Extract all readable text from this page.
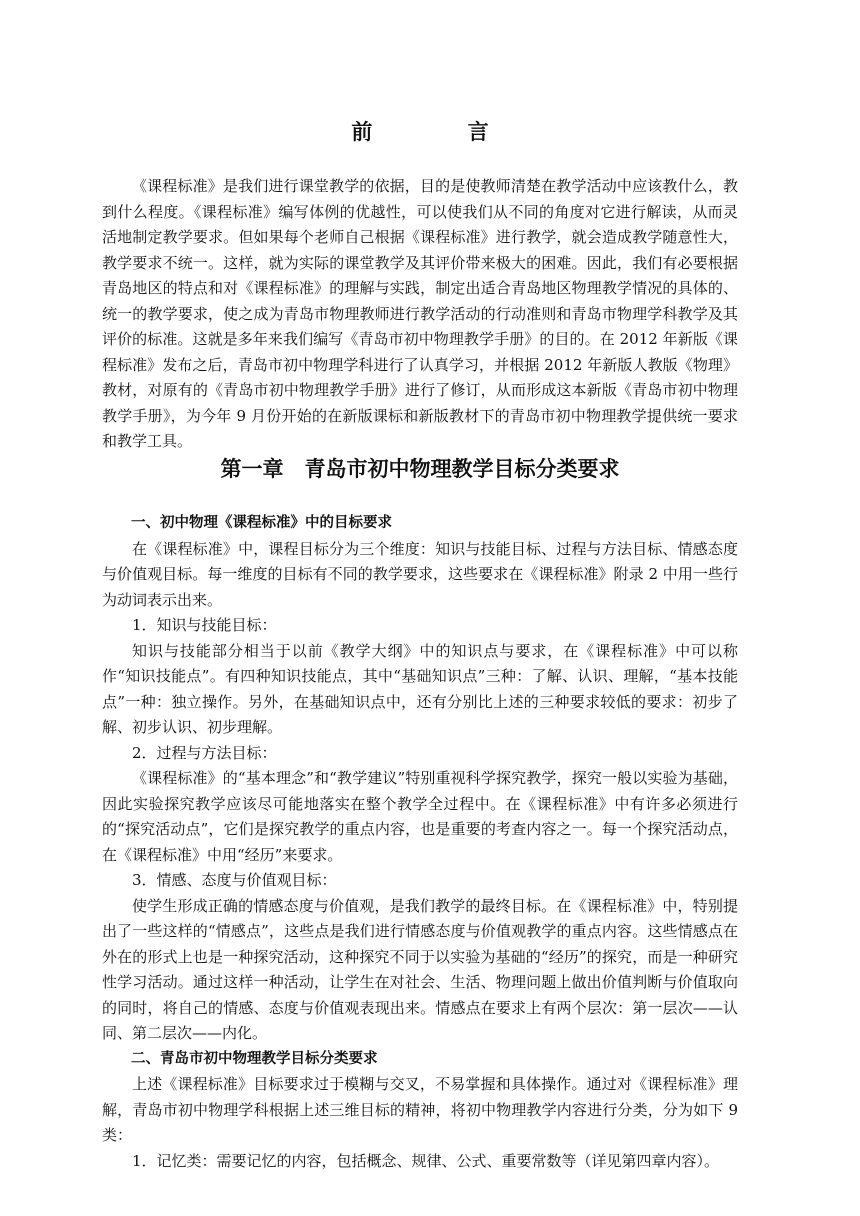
前 言

《课程标准》是我们进行课堂教学的依据，目的是使教师清楚在教学活动中应该教什么，教到什么程度。《课程标准》编写体例的优越性，可以使我们从不同的角度对它进行解读，从而灵活地制定教学要求。但如果每个老师自己根据《课程标准》进行教学，就会造成教学随意性大，教学要求不统一。这样，就为实际的课堂教学及其评价带来极大的困难。因此，我们有必要根据青岛地区的特点和对《课程标准》的理解与实践，制定出适合青岛地区物理教学情况的具体的、统一的教学要求，使之成为青岛市物理教师进行教学活动的行动准则和青岛市物理学科教学及其评价的标准。这就是多年来我们编写《青岛市初中物理教学手册》的目的。在 2012 年新版《课程标准》发布之后，青岛市初中物理学科进行了认真学习，并根据 2012 年新版人教版《物理》教材，对原有的《青岛市初中物理教学手册》进行了修订，从而形成这本新版《青岛市初中物理教学手册》，为今年 9 月份开始的在新版课标和新版教材下的青岛市初中物理教学提供统一要求和教学工具。

第一章　青岛市初中物理教学目标分类要求

一、初中物理《课程标准》中的目标要求

在《课程标准》中，课程目标分为三个维度：知识与技能目标、过程与方法目标、情感态度与价值观目标。每一维度的目标有不同的教学要求，这些要求在《课程标准》附录 2 中用一些行为动词表示出来。

1．知识与技能目标：

知识与技能部分相当于以前《教学大纲》中的知识点与要求，在《课程标准》中可以称作“知识技能点”。有四种知识技能点，其中“基础知识点”三种：了解、认识、理解，“基本技能点”一种：独立操作。另外，在基础知识点中，还有分别比上述的三种要求较低的要求：初步了解、初步认识、初步理解。

2．过程与方法目标：

《课程标准》的“基本理念”和“教学建议”特别重视科学探究教学，探究一般以实验为基础，因此实验探究教学应该尽可能地落实在整个教学全过程中。在《课程标准》中有许多必须进行的“探究活动点”，它们是探究教学的重点内容，也是重要的考查内容之一。每一个探究活动点，在《课程标准》中用“经历”来要求。

3．情感、态度与价值观目标：

使学生形成正确的情感态度与价值观，是我们教学的最终目标。在《课程标准》中，特别提出了一些这样的“情感点”，这些点是我们进行情感态度与价值观教学的重点内容。这些情感点在外在的形式上也是一种探究活动，这种探究不同于以实验为基础的“经历”的探究，而是一种研究性学习活动。通过这样一种活动，让学生在对社会、生活、物理问题上做出价值判断与价值取向的同时，将自己的情感、态度与价值观表现出来。情感点在要求上有两个层次：第一层次——认同、第二层次——内化。

二、青岛市初中物理教学目标分类要求

上述《课程标准》目标要求过于模糊与交叉，不易掌握和具体操作。通过对《课程标准》理解，青岛市初中物理学科根据上述三维目标的精神，将初中物理教学内容进行分类，分为如下 9 类：

1．记忆类：需要记忆的内容，包括概念、规律、公式、重要常数等（详见第四章内容）。
